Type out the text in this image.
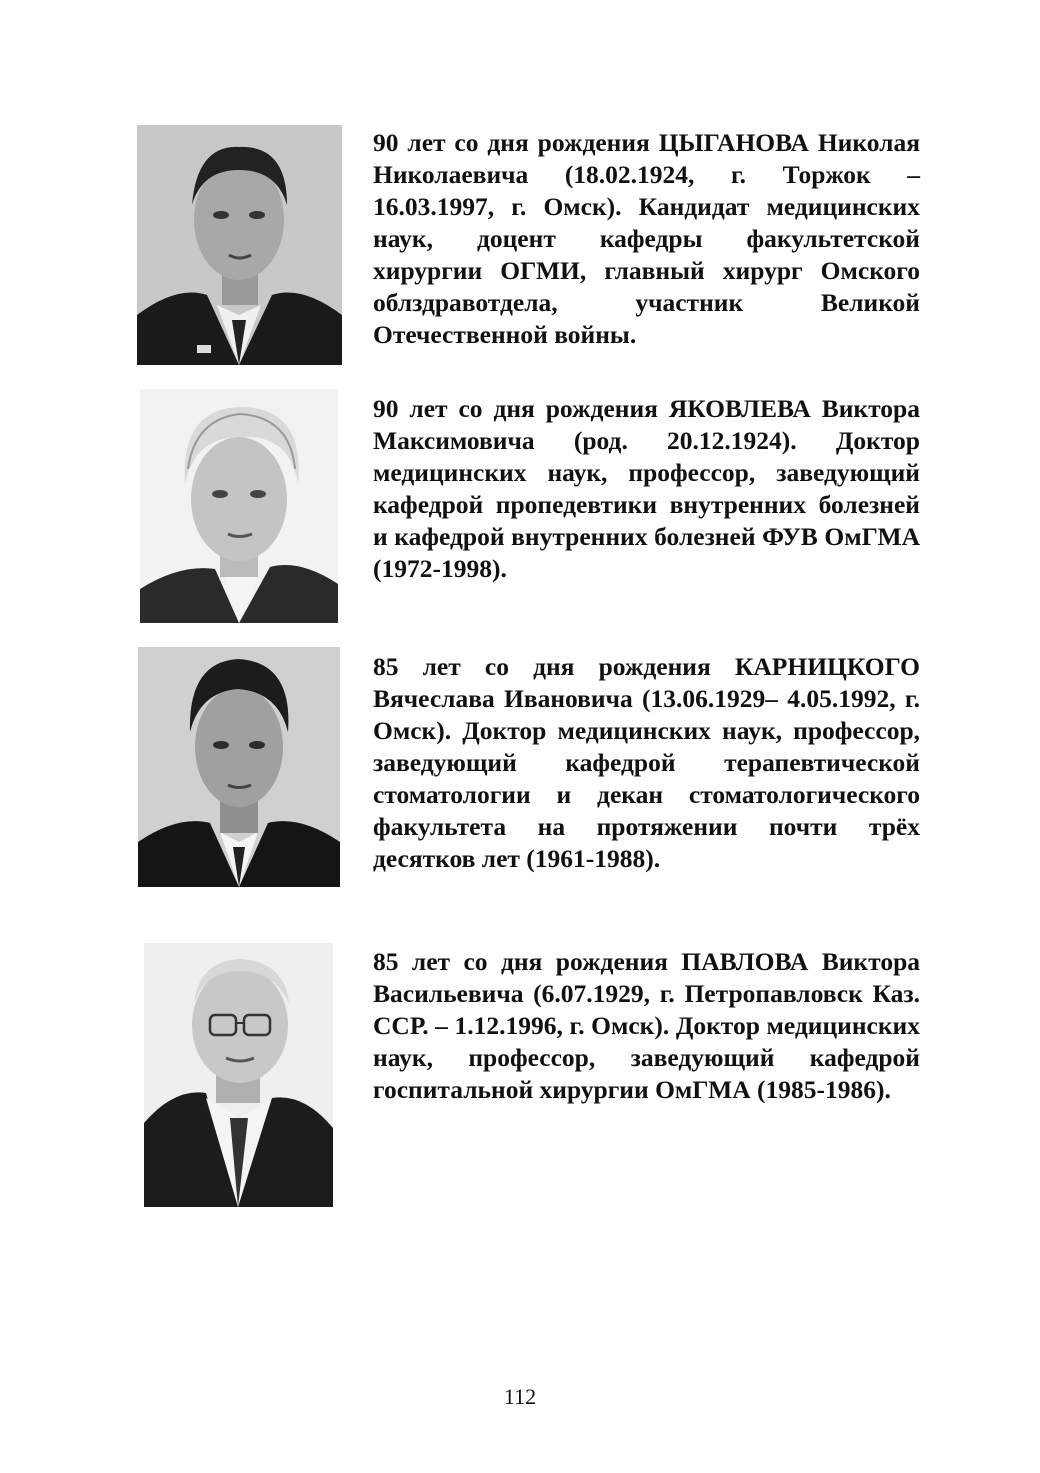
90 лет со дня рождения ЦЫГАНОВА Николая Николаевича (18.02.1924, г. Торжок – 16.03.1997, г. Омск). Кандидат медицинских наук, доцент кафедры факультетской хирургии ОГМИ, главный хирург Омского облздравотдела, участник Великой Отечественной войны.
90 лет со дня рождения ЯКОВЛЕВА Виктора Максимовича (род. 20.12.1924). Доктор медицинских наук, профессор, заведующий кафедрой пропедевтики внутренних болезней и кафедрой внутренних болезней ФУВ ОмГМА (1972-1998).
85 лет со дня рождения КАРНИЦКОГО Вячеслава Ивановича (13.06.1929– 4.05.1992, г. Омск). Доктор медицинских наук, профессор, заведующий кафедрой терапевтической стоматологии и декан стоматологического факультета на протяжении почти трёх десятков лет (1961-1988).
85 лет со дня рождения ПАВЛОВА Виктора Васильевича (6.07.1929, г. Петропавловск Каз. ССР. – 1.12.1996, г. Омск). Доктор медицинских наук, профессор, заведующий кафедрой госпитальной хирургии ОмГМА (1985-1986).
112
